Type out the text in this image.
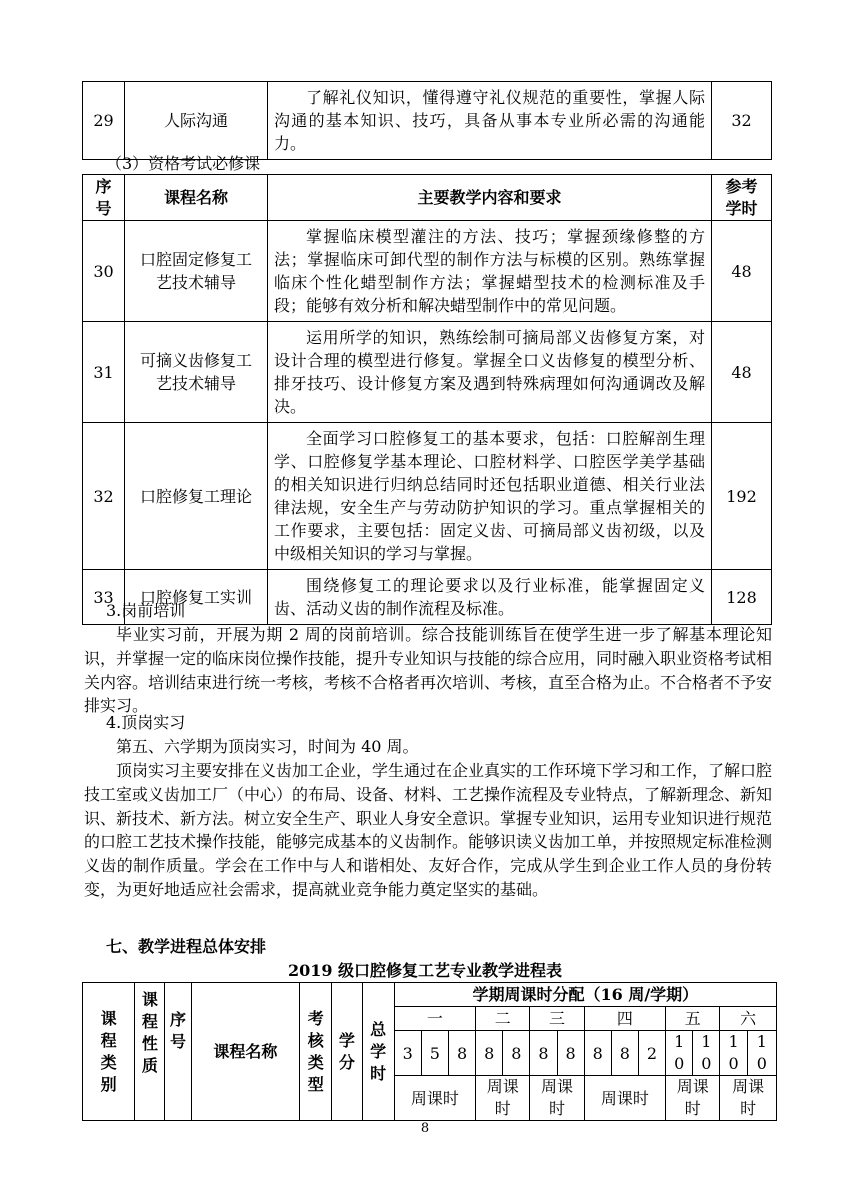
29	人际沟通	了解礼仪知识，懂得遵守礼仪规范的重要性，掌握人际沟通的基本知识、技巧，具备从事本专业所必需的沟通能力。	32
（3）资格考试必修课
序号	课程名称	主要教学内容和要求	参考学时

30	口腔固定修复工艺技术辅导	掌握临床模型灌注的方法、技巧；掌握颈缘修整的方法；掌握临床可卸代型的制作方法与标模的区别。熟练掌握临床个性化蜡型制作方法；掌握蜡型技术的检测标准及手段；能够有效分析和解决蜡型制作中的常见问题。	48
31	可摘义齿修复工艺技术辅导	运用所学的知识，熟练绘制可摘局部义齿修复方案，对设计合理的模型进行修复。掌握全口义齿修复的模型分析、排牙技巧、设计修复方案及遇到特殊病理如何沟通调改及解决。	48
32	口腔修复工理论	全面学习口腔修复工的基本要求，包括：口腔解剖生理学、口腔修复学基本理论、口腔材料学、口腔医学美学基础的相关知识进行归纳总结同时还包括职业道德、相关行业法律法规，安全生产与劳动防护知识的学习。重点掌握相关的工作要求，主要包括：固定义齿、可摘局部义齿初级，以及中级相关知识的学习与掌握。	192
33	口腔修复工实训	围绕修复工的理论要求以及行业标准，能掌握固定义齿、活动义齿的制作流程及标准。	128
3.岗前培训
毕业实习前，开展为期 2 周的岗前培训。综合技能训练旨在使学生进一步了解基本理论知识，并掌握一定的临床岗位操作技能，提升专业知识与技能的综合应用，同时融入职业资格考试相关内容。培训结束进行统一考核，考核不合格者再次培训、考核，直至合格为止。不合格者不予安排实习。
4.顶岗实习
第五、六学期为顶岗实习，时间为 40 周。
顶岗实习主要安排在义齿加工企业，学生通过在企业真实的工作环境下学习和工作，了解口腔技工室或义齿加工厂（中心）的布局、设备、材料、工艺操作流程及专业特点，了解新理念、新知识、新技术、新方法。树立安全生产、职业人身安全意识。掌握专业知识，运用专业知识进行规范的口腔工艺技术操作技能，能够完成基本的义齿制作。能够识读义齿加工单，并按照规定标准检测义齿的制作质量。学会在工作中与人和谐相处、友好合作，完成从学生到企业工作人员的身份转变，为更好地适应社会需求，提高就业竞争能力奠定坚实的基础。
七、教学进程总体安排
2019 级口腔修复工艺专业教学进程表
课程类别	课程性质	序号	课程名称	考核类型	学分	总学时	学期周课时分配（16 周/学期）													
							一			二		三		四			五		六	
							3	5	8	8	8	8	8	8	8	2	10	10	10	10

							周课时			周课时		周课时		周课时			周课时		周课时	
8
